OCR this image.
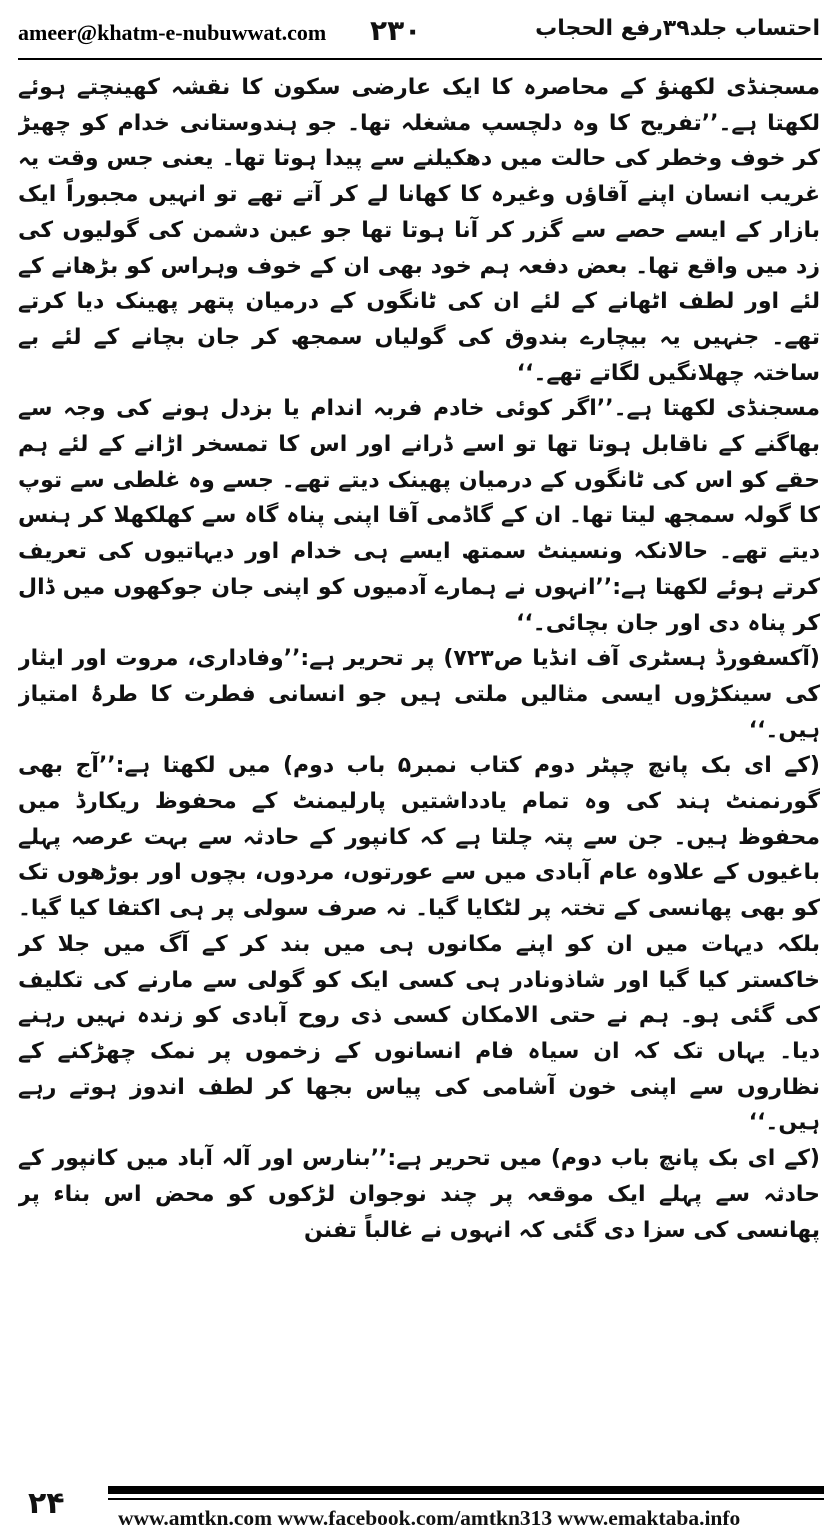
ameer@khatm-e-nubuwwat.com ۲۳۰	احتساب جلد۳۹رفع الحجاب

مسجنڈی لکھنؤ کے محاصرہ کا ایک عارضی سکون کا نقشہ کھینچتے ہوئے لکھتا ہے۔’’تفریح کا وہ دلچسپ مشغلہ تھا۔ جو ہندوستانی خدام کو چھیڑ کر خوف وخطر کی حالت میں دھکیلنے سے پیدا ہوتا تھا۔ یعنی جس وقت یہ غریب انسان اپنے آقاؤں وغیرہ کا کھانا لے کر آتے تھے تو انہیں مجبوراً ایک بازار کے ایسے حصے سے گزر کر آنا ہوتا تھا جو عین دشمن کی گولیوں کی زد میں واقع تھا۔ بعض دفعہ ہم خود بھی ان کے خوف وہراس کو بڑھانے کے لئے اور لطف اٹھانے کے لئے ان کی ٹانگوں کے درمیان پتھر پھینک دیا کرتے تھے۔ جنہیں یہ بیچارے بندوق کی گولیاں سمجھ کر جان بچانے کے لئے بے ساختہ چھلانگیں لگاتے تھے۔‘‘

مسجنڈی لکھتا ہے۔’’اگر کوئی خادم فربہ اندام یا بزدل ہونے کی وجہ سے بھاگنے کے ناقابل ہوتا تھا تو اسے ڈرانے اور اس کا تمسخر اڑانے کے لئے ہم حقے کو اس کی ٹانگوں کے درمیان پھینک دیتے تھے۔ جسے وہ غلطی سے توپ کا گولہ سمجھ لیتا تھا۔ ان کے گاڈمی آقا اپنی پناہ گاہ سے کھلکھلا کر ہنس دیتے تھے۔ حالانکہ ونسینٹ سمتھ ایسے ہی خدام اور دیہاتیوں کی تعریف کرتے ہوئے لکھتا ہے:’’انہوں نے ہمارے آدمیوں کو اپنی جان جوکھوں میں ڈال کر پناہ دی اور جان بچائی۔‘‘

(آکسفورڈ ہسٹری آف انڈیا ص۷۲۳) پر تحریر ہے:’’وفاداری، مروت اور ایثار کی سینکڑوں ایسی مثالیں ملتی ہیں جو انسانی فطرت کا طرۂ امتیاز ہیں۔‘‘

(کے ای بک پانچ چپٹر دوم کتاب نمبر۵ باب دوم) میں لکھتا ہے:’’آج بھی گورنمنٹ ہند کی وہ تمام یادداشتیں پارلیمنٹ کے محفوظ ریکارڈ میں محفوظ ہیں۔ جن سے پتہ چلتا ہے کہ کانپور کے حادثہ سے بہت عرصہ پہلے باغیوں کے علاوہ عام آبادی میں سے عورتوں، مردوں، بچوں اور بوڑھوں تک کو بھی پھانسی کے تختہ پر لٹکایا گیا۔ نہ صرف سولی پر ہی اکتفا کیا گیا۔ بلکہ دیہات میں ان کو اپنے مکانوں ہی میں بند کر کے آگ میں جلا کر خاکستر کیا گیا اور شاذونادر ہی کسی ایک کو گولی سے مارنے کی تکلیف کی گئی ہو۔ ہم نے حتی الامکان کسی ذی روح آبادی کو زندہ نہیں رہنے دیا۔ یہاں تک کہ ان سیاہ فام انسانوں کے زخموں پر نمک چھڑکنے کے نظاروں سے اپنی خون آشامی کی پیاس بجھا کر لطف اندوز ہوتے رہے ہیں۔‘‘

(کے ای بک پانچ باب دوم) میں تحریر ہے:’’بنارس اور آلہ آباد میں کانپور کے حادثہ سے پہلے ایک موقعہ پر چند نوجوان لڑکوں کو محض اس بناء پر پھانسی کی سزا دی گئی کہ انہوں نے غالباً تفنن

۲۴ www.amtkn.com www.facebook.com/amtkn313 www.emaktaba.info
